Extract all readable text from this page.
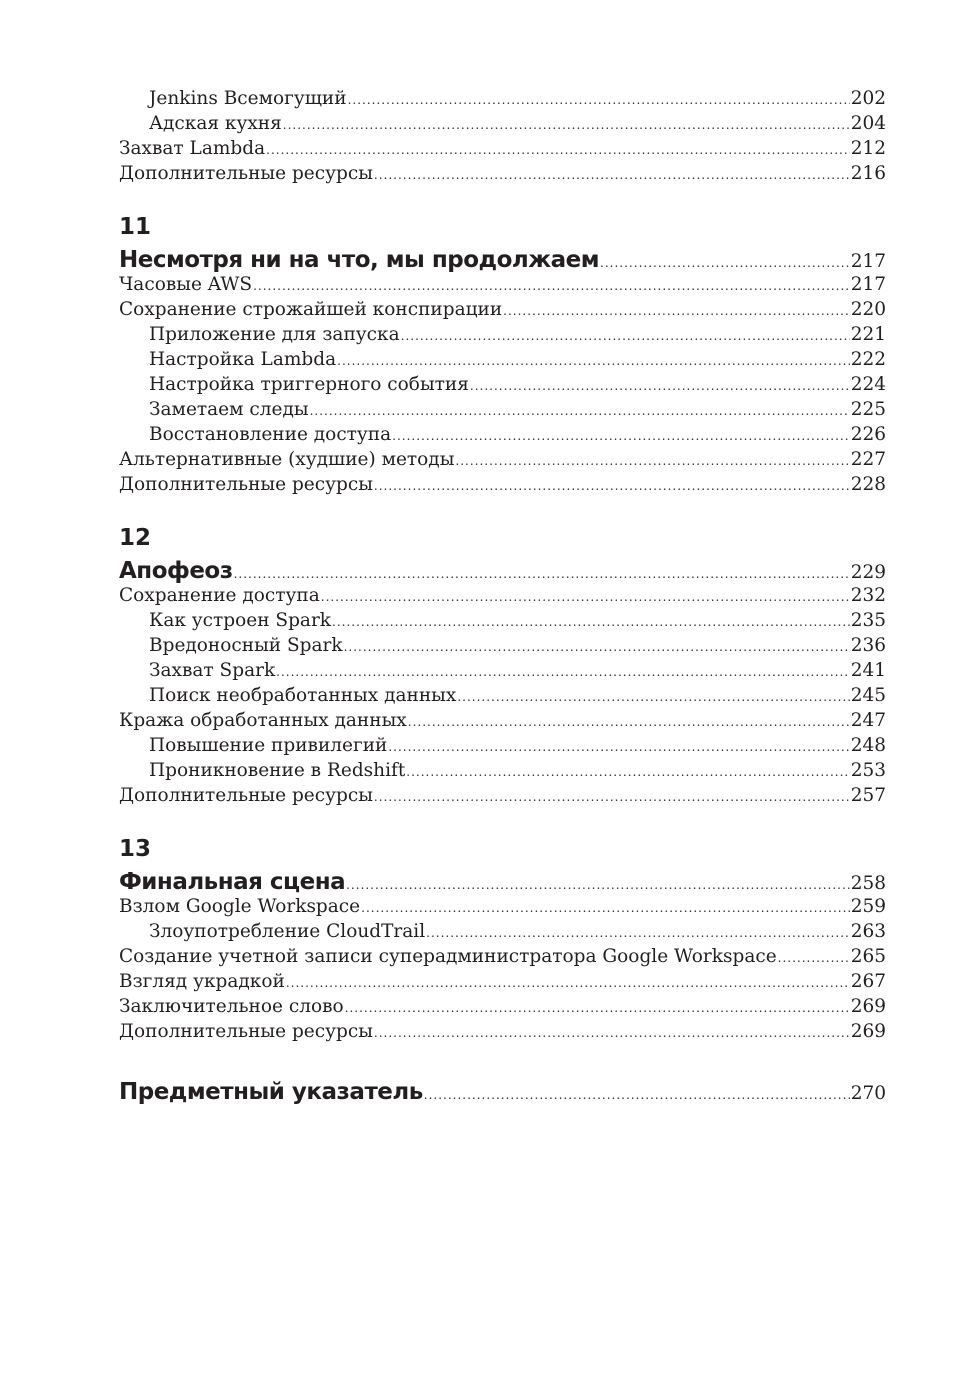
Jenkins Всемогущий .....	202
Адская кухня .....	204
Захват Lambda .....	212
Дополнительные ресурсы .....	216
11
Несмотря ни на что, мы продолжаем .....	217
Часовые AWS .....	217
Сохранение строжайшей конспирации .....	220
Приложение для запуска .....	221
Настройка Lambda .....	222
Настройка триггерного события .....	224
Заметаем следы .....	225
Восстановление доступа .....	226
Альтернативные (худшие) методы .....	227
Дополнительные ресурсы .....	228
12
Апофеоз .....	229
Сохранение доступа .....	232
Как устроен Spark .....	235
Вредоносный Spark .....	236
Захват Spark .....	241
Поиск необработанных данных .....	245
Кража обработанных данных .....	247
Повышение привилегий .....	248
Проникновение в Redshift .....	253
Дополнительные ресурсы .....	257
13
Финальная сцена .....	258
Взлом Google Workspace .....	259
Злоупотребление CloudTrail .....	263
Создание учетной записи суперадминистратора Google Workspace .....	265
Взгляд украдкой .....	267
Заключительное слово .....	269
Дополнительные ресурсы .....	269
Предметный указатель .....	270
